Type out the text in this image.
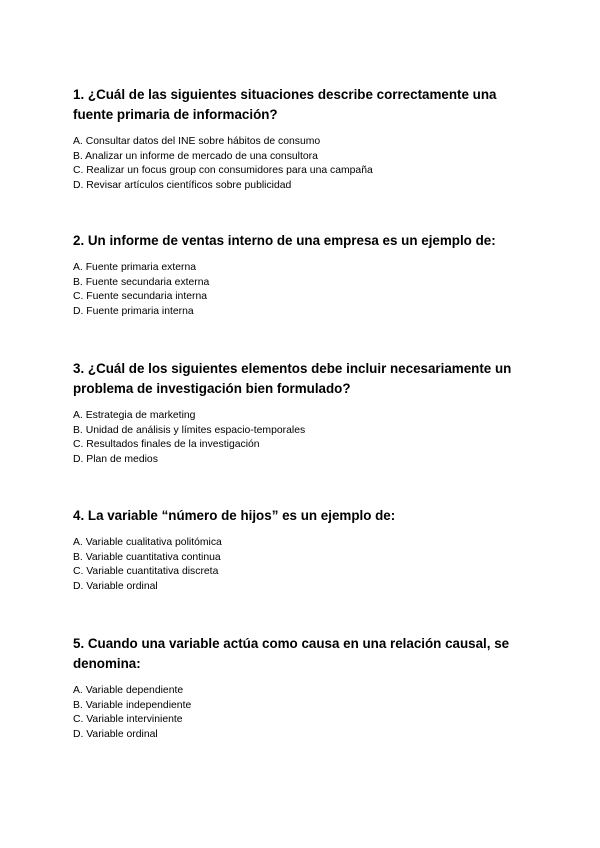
1. ¿Cuál de las siguientes situaciones describe correctamente una fuente primaria de información?

A. Consultar datos del INE sobre hábitos de consumo
B. Analizar un informe de mercado de una consultora
C. Realizar un focus group con consumidores para una campaña
D. Revisar artículos científicos sobre publicidad

2. Un informe de ventas interno de una empresa es un ejemplo de:

A. Fuente primaria externa
B. Fuente secundaria externa
C. Fuente secundaria interna
D. Fuente primaria interna

3. ¿Cuál de los siguientes elementos debe incluir necesariamente un problema de investigación bien formulado?

A. Estrategia de marketing
B. Unidad de análisis y límites espacio-temporales
C. Resultados finales de la investigación
D. Plan de medios

4. La variable “número de hijos” es un ejemplo de:

A. Variable cualitativa politómica
B. Variable cuantitativa continua
C. Variable cuantitativa discreta
D. Variable ordinal

5. Cuando una variable actúa como causa en una relación causal, se denomina:

A. Variable dependiente
B. Variable independiente
C. Variable interviniente
D. Variable ordinal
